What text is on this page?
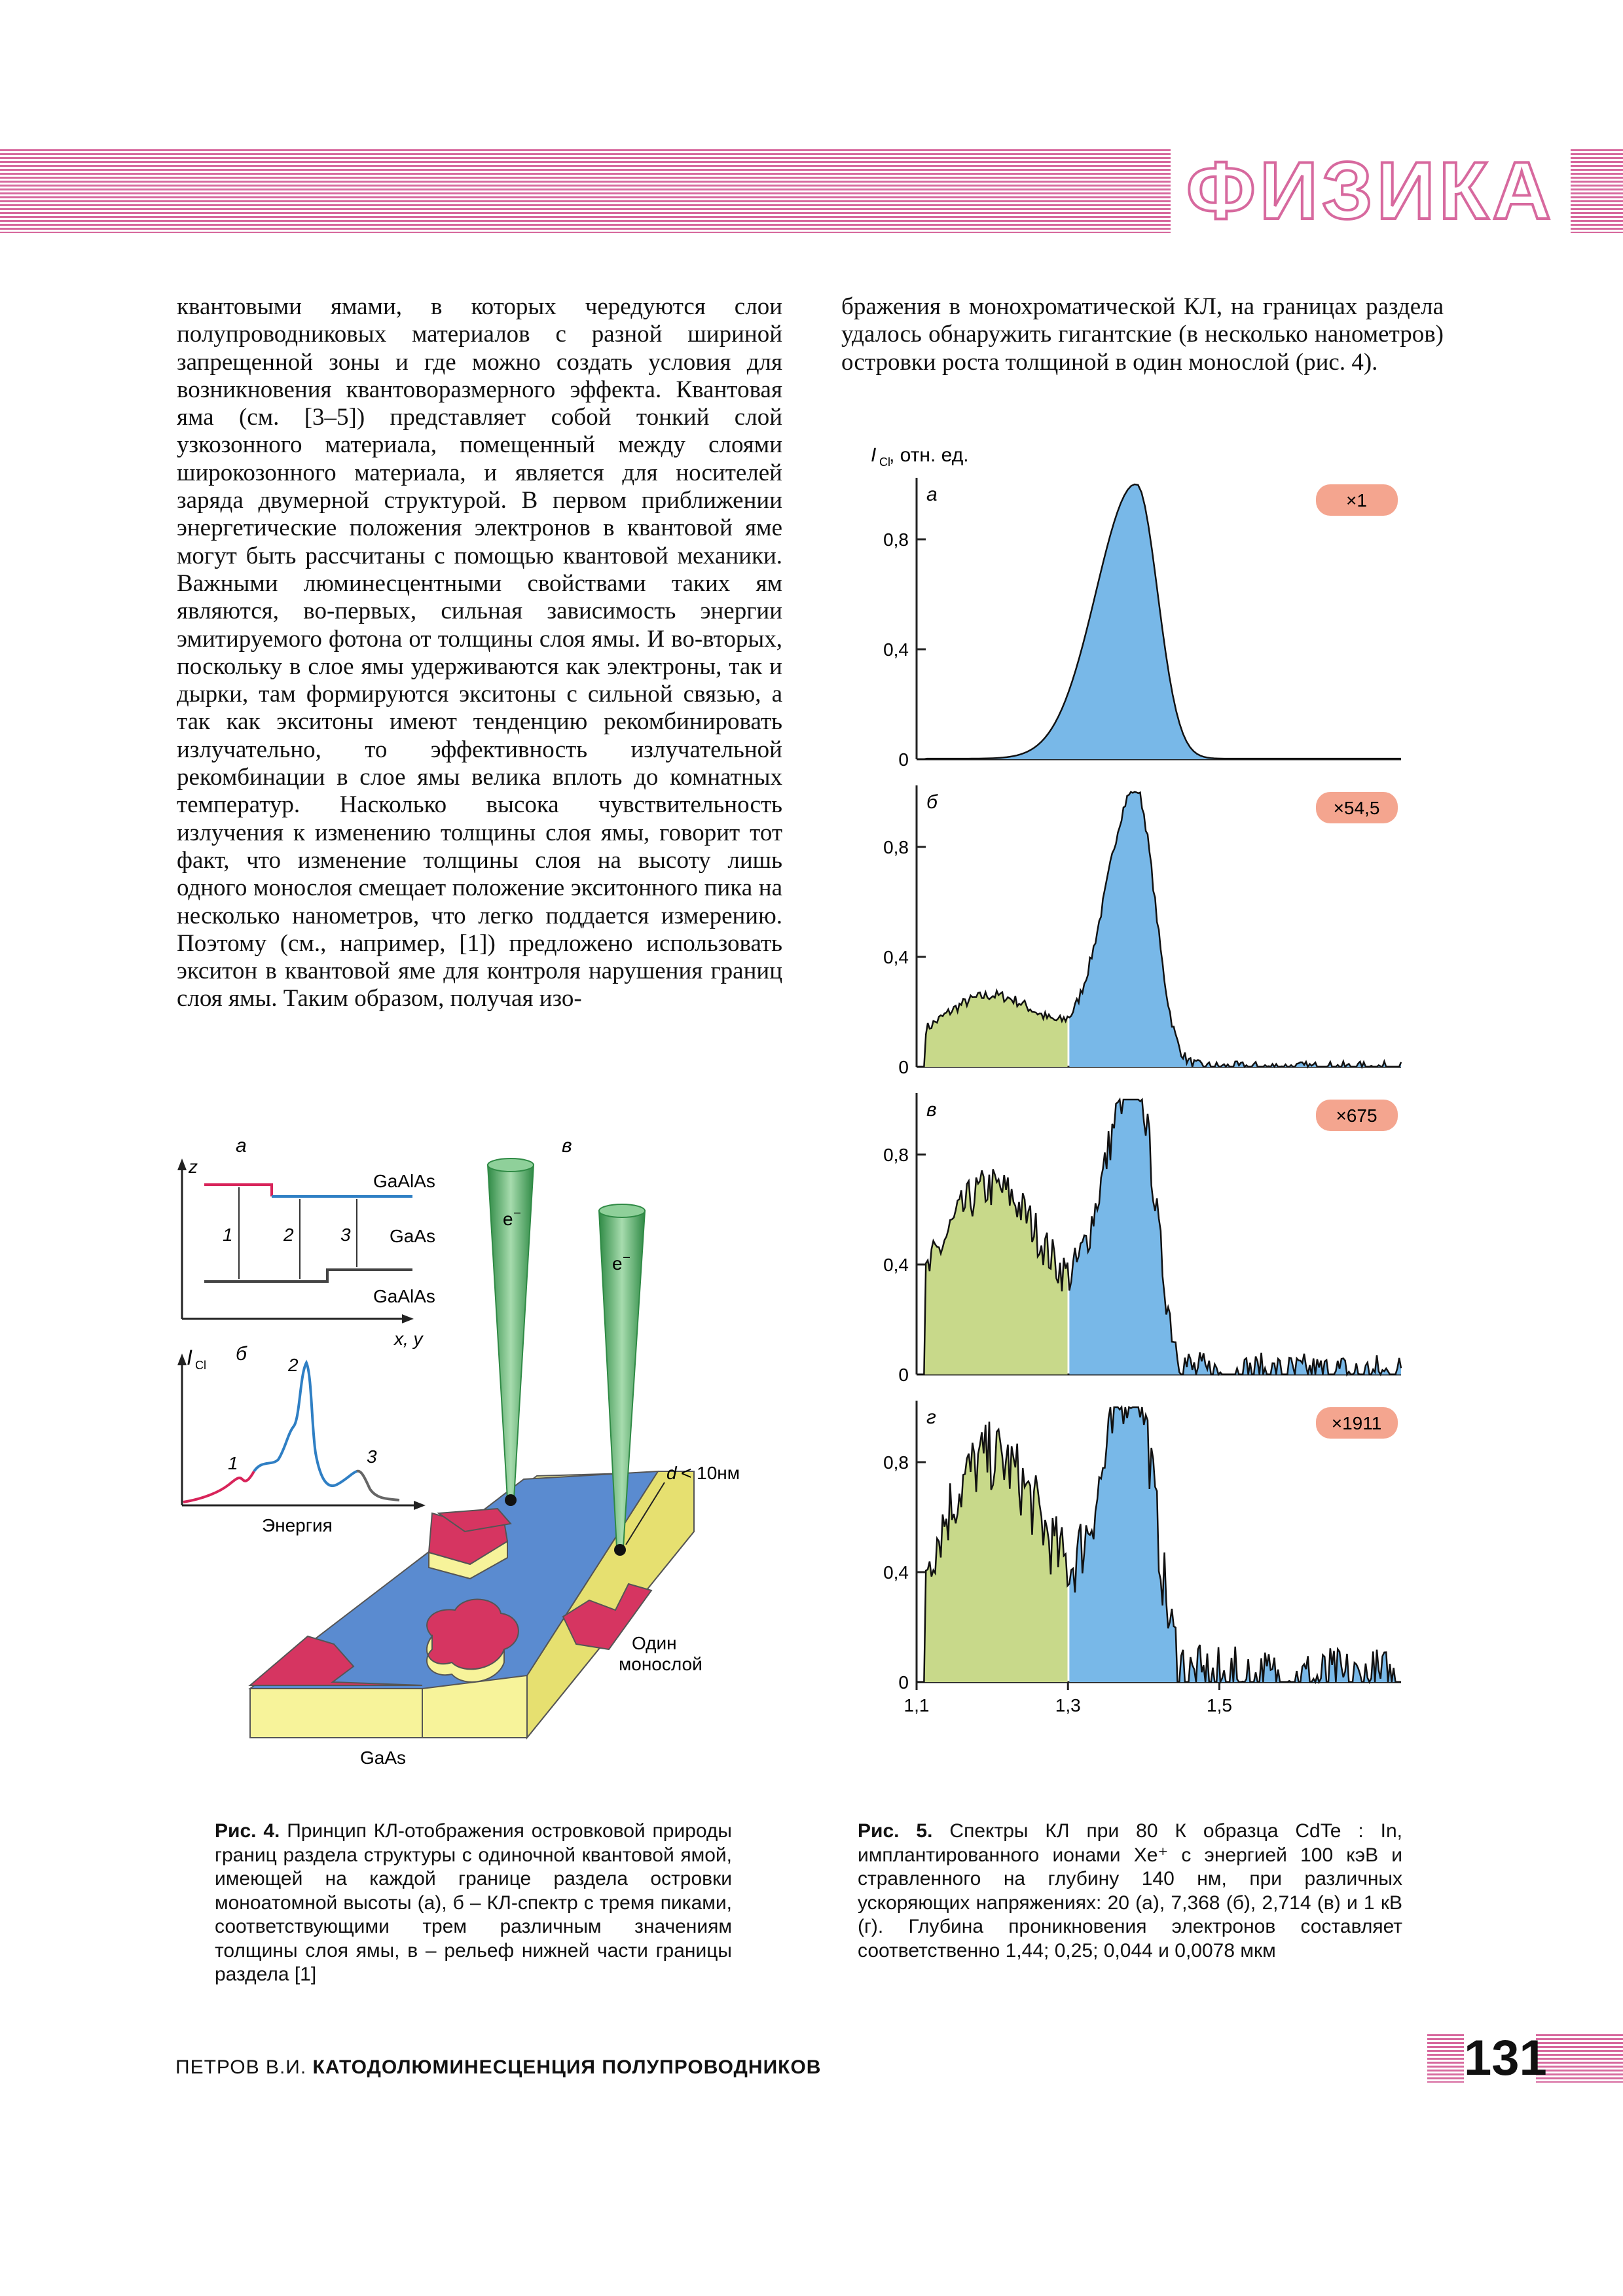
ФИЗИКА

квантовыми ямами, в которых чередуются слои полупроводниковых материалов с разной шириной запрещенной зоны и где можно создать условия для возникновения квантоворазмерного эффекта. Квантовая яма (см. [3–5]) представляет собой тонкий слой узкозонного материала, помещенный между слоями широкозонного материала, и является для носителей заряда двумерной структурой. В первом приближении энергетические положения электронов в квантовой яме могут быть рассчитаны с помощью квантовой механики. Важными люминесцентными свойствами таких ям являются, во-первых, сильная зависимость энергии эмитируемого фотона от толщины слоя ямы. И во-вторых, поскольку в слое ямы удерживаются как электроны, так и дырки, там формируются экситоны с сильной связью, а так как экситоны имеют тенденцию рекомбинировать излучательно, то эффективность излучательной рекомбинации в слое ямы велика вплоть до комнатных температур. Насколько высока чувствительность излучения к изменению толщины слоя ямы, говорит тот факт, что изменение толщины слоя на высоту лишь одного монослоя смещает положение экситонного пика на несколько нанометров, что легко поддается измерению. Поэтому (см., например, [1]) предложено использовать экситон в квантовой яме для контроля нарушения границ слоя ямы. Таким образом, получая изо-

бражения в монохроматической КЛ, на границах раздела удалось обнаружить гигантские (в несколько нанометров) островки роста толщиной в один монослой (рис. 4).

а
z
x, y
1	2	3
GaAlAs
GaAs
GaAlAs
I Cl
б
1
2
3
Энергия
в
e –
e –
d < 10нм
Один
монослой
GaAs
Рис. 4. Принцип КЛ-отображения островковой природы границ раздела структуры с одиночной квантовой ямой, имеющей на каждой границе раздела островки моноатомной высоты (а), б – КЛ-спектр с тремя пиками, соответствующими трем различным значениям толщины слоя ямы, в – рельеф нижней части границы раздела [1]
I Cl
, отн. ед.
0
0,4
0,8
а	×1
0
0,4
0,8
б	×54,5
0
0,4
0,8
в	×675
0
0,4
0,8
г	×1911
1,1	1,3	1,5
Рис. 5. Спектры КЛ при 80 К образца CdTe : In, имплантированного ионами Xe⁺ с энергией 100 кэВ и стравленного на глубину 140 нм, при различных ускоряющих напряжениях: 20 (а), 7,368 (б), 2,714 (в) и 1 кВ (г). Глубина проникновения электронов составляет соответственно 1,44; 0,25; 0,044 и 0,0078 мкм
ПЕТРОВ В.И. КАТОДОЛЮМИНЕСЦЕНЦИЯ ПОЛУПРОВОДНИКОВ	131
